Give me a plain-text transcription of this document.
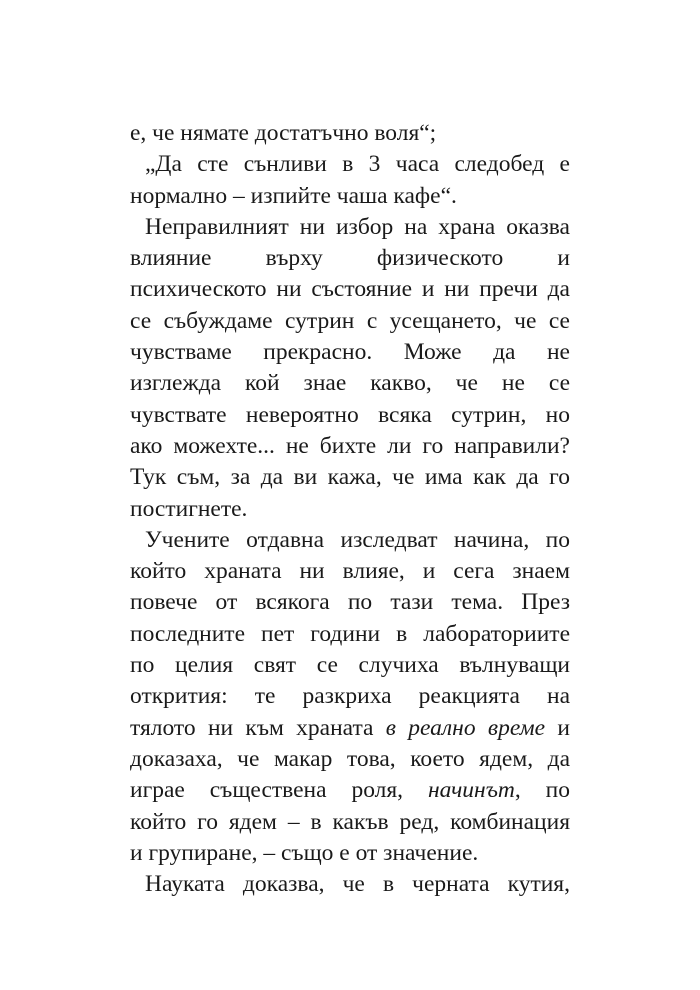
е, че нямате достатъчно воля“;
„Да сте сънливи в 3 часа следобед е
нормално – изпийте чаша кафе“.
Неправилният ни избор на храна оказва
влияние върху физическото и
психическото ни състояние и ни пречи да
се събуждаме сутрин с усещането, че се
чувстваме прекрасно. Може да не
изглежда кой знае какво, че не се
чувствате невероятно всяка сутрин, но
ако можехте... не бихте ли го направили?
Тук съм, за да ви кажа, че има как да го
постигнете.
Учените отдавна изследват начина, по
който храната ни влияе, и сега знаем
повече от всякога по тази тема. През
последните пет години в лабораториите
по целия свят се случиха вълнуващи
открития: те разкриха реакцията на
тялото ни към храната в реално време и
доказаха, че макар това, което ядем, да
играе съществена роля, начинът, по
който го ядем – в какъв ред, комбинация
и групиране, – също е от значение.
Науката доказва, че в черната кутия,
